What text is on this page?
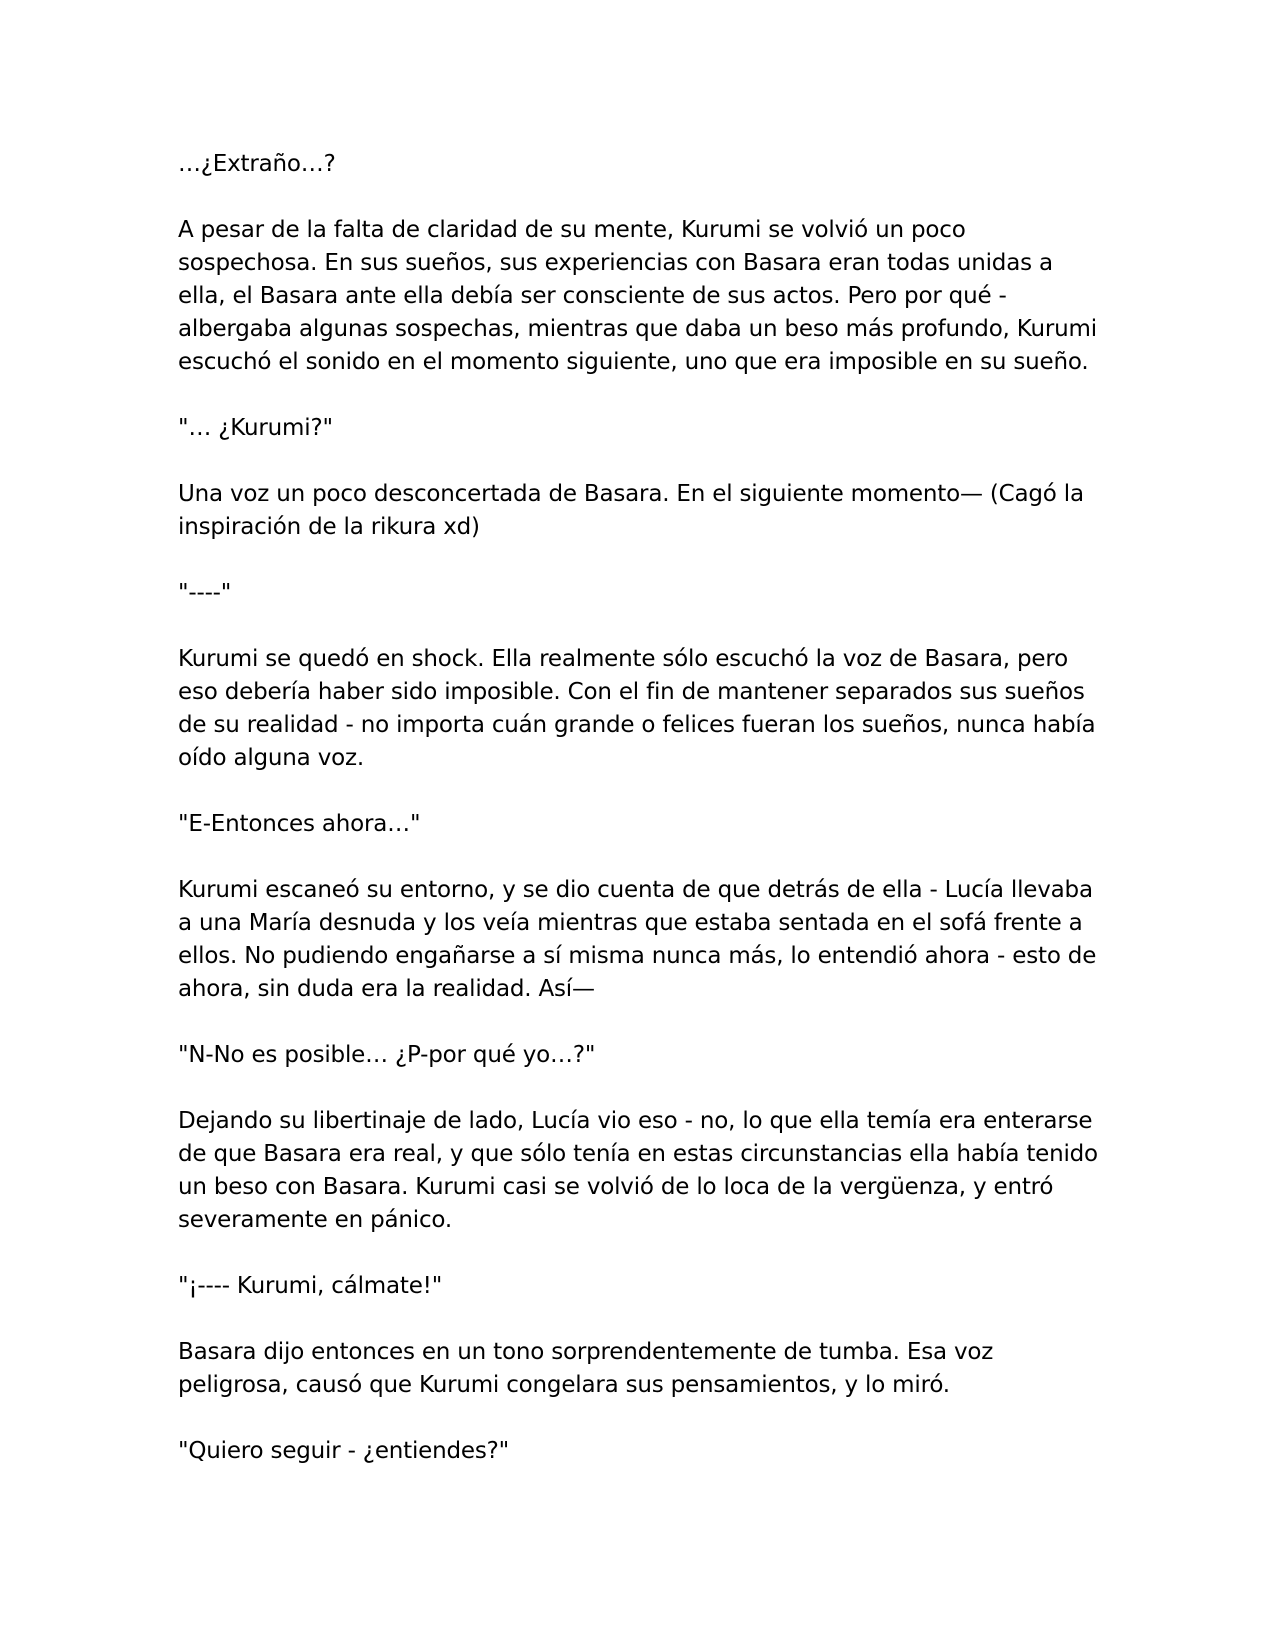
…¿Extraño…?

A pesar de la falta de claridad de su mente, Kurumi se volvió un poco sospechosa. En sus sueños, sus experiencias con Basara eran todas unidas a ella, el Basara ante ella debía ser consciente de sus actos. Pero por qué - albergaba algunas sospechas, mientras que daba un beso más profundo, Kurumi escuchó el sonido en el momento siguiente, uno que era imposible en su sueño.

"… ¿Kurumi?"

Una voz un poco desconcertada de Basara. En el siguiente momento— (Cagó la inspiración de la rikura xd)

"----"

Kurumi se quedó en shock. Ella realmente sólo escuchó la voz de Basara, pero eso debería haber sido imposible. Con el fin de mantener separados sus sueños de su realidad - no importa cuán grande o felices fueran los sueños, nunca había oído alguna voz.

"E-Entonces ahora…"

Kurumi escaneó su entorno, y se dio cuenta de que detrás de ella - Lucía llevaba a una María desnuda y los veía mientras que estaba sentada en el sofá frente a ellos. No pudiendo engañarse a sí misma nunca más, lo entendió ahora - esto de ahora, sin duda era la realidad. Así—

"N-No es posible… ¿P-por qué yo…?"

Dejando su libertinaje de lado, Lucía vio eso - no, lo que ella temía era enterarse de que Basara era real, y que sólo tenía en estas circunstancias ella había tenido un beso con Basara. Kurumi casi se volvió de lo loca de la vergüenza, y entró severamente en pánico.

"¡---- Kurumi, cálmate!"

Basara dijo entonces en un tono sorprendentemente de tumba. Esa voz peligrosa, causó que Kurumi congelara sus pensamientos, y lo miró.

"Quiero seguir - ¿entiendes?"
